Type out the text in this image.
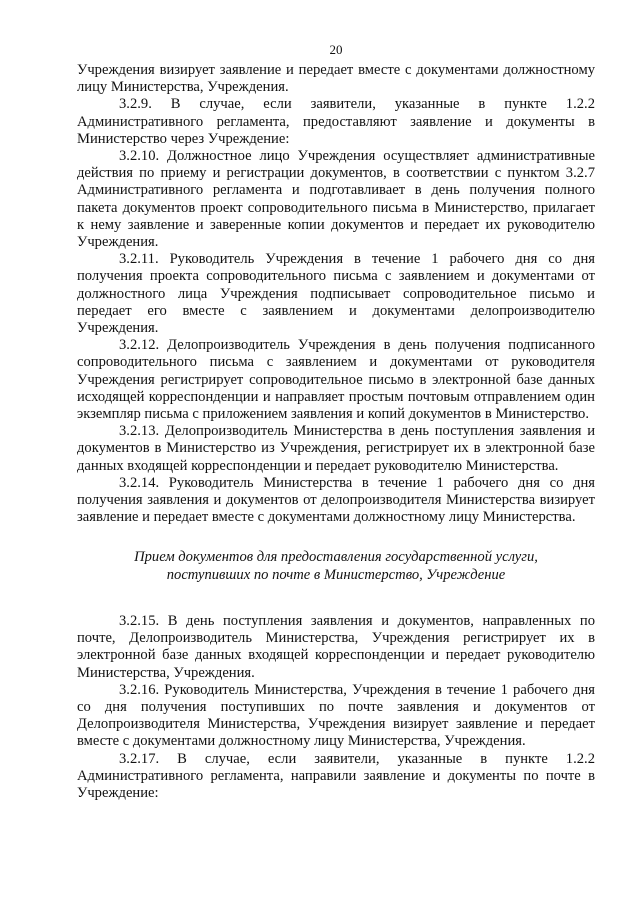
20

Учреждения визирует заявление и передает вместе с документами должностному лицу Министерства, Учреждения.

3.2.9. В случае, если заявители, указанные в пункте 1.2.2 Административного регламента, предоставляют заявление и документы в Министерство через Учреждение:

3.2.10. Должностное лицо Учреждения осуществляет административные действия по приему и регистрации документов, в соответствии с пунктом 3.2.7 Административного регламента и подготавливает в день получения полного пакета документов проект сопроводительного письма в Министерство, прилагает к нему заявление и заверенные копии документов и передает их руководителю Учреждения.

3.2.11. Руководитель Учреждения в течение 1 рабочего дня со дня получения проекта сопроводительного письма с заявлением и документами от должностного лица Учреждения подписывает сопроводительное письмо и передает его вместе с заявлением и документами делопроизводителю Учреждения.

3.2.12. Делопроизводитель Учреждения в день получения подписанного сопроводительного письма с заявлением и документами от руководителя Учреждения регистрирует сопроводительное письмо в электронной базе данных исходящей корреспонденции и направляет простым почтовым отправлением один экземпляр письма с приложением заявления и копий документов в Министерство.

3.2.13. Делопроизводитель Министерства в день поступления заявления и документов в Министерство из Учреждения, регистрирует их в электронной базе данных входящей корреспонденции и передает руководителю Министерства.

3.2.14. Руководитель Министерства в течение 1 рабочего дня со дня получения заявления и документов от делопроизводителя Министерства визирует заявление и передает вместе с документами должностному лицу Министерства.

Прием документов для предоставления государственной услуги,
поступивших по почте в Министерство, Учреждение

3.2.15. В день поступления заявления и документов, направленных по почте, Делопроизводитель Министерства, Учреждения регистрирует их в электронной базе данных входящей корреспонденции и передает руководителю Министерства, Учреждения.

3.2.16. Руководитель Министерства, Учреждения в течение 1 рабочего дня со дня получения поступивших по почте заявления и документов от Делопроизводителя Министерства, Учреждения визирует заявление и передает вместе с документами должностному лицу Министерства, Учреждения.

3.2.17. В случае, если заявители, указанные в пункте 1.2.2 Административного регламента, направили заявление и документы по почте в Учреждение:
